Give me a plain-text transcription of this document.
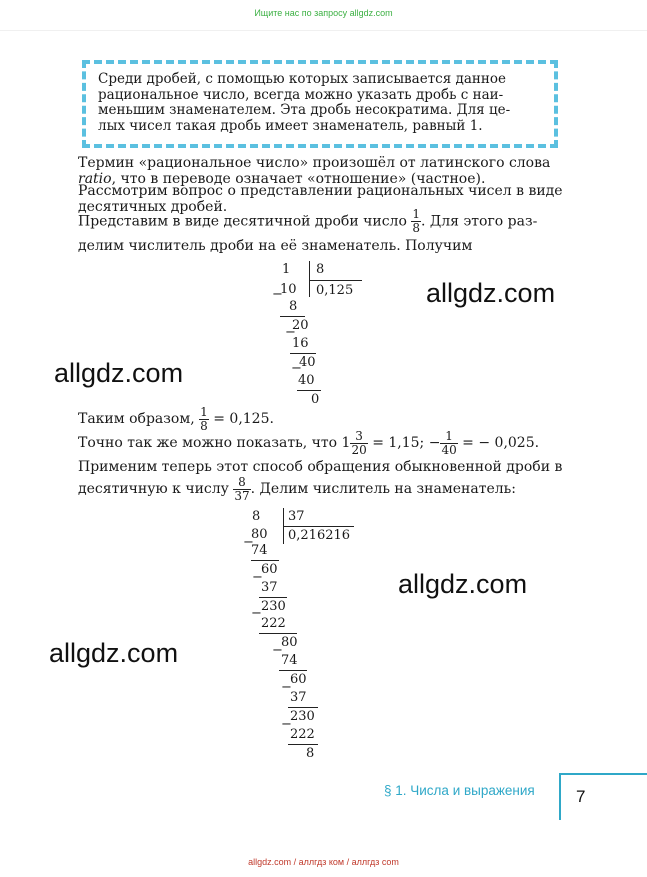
Ищите нас по запросу allgdz.com
Среди дробей, с помощью которых записывается данное
рациональное число, всегда можно указать дробь с наи-
меньшим знаменателем. Эта дробь несократима. Для це-
лых чисел такая дробь имеет знаменатель, равный 1.
Термин «рациональное число» произошёл от латинского слова
ratio, что в переводе означает «отношение» (частное).
Рассмотрим вопрос о представлении рациональных чисел в виде
десятичных дробей.
Представим в виде десятичной дроби число $\frac{1}{8}$ . Для этого раз-
делим числитель дроби на её знаменатель. Получим
1 8
0,125
−
10
8
−
20
16
−
40
40
0
Таким образом, $\frac{1}{8} = 0,125$.
Точно так же можно показать, что $1 \frac{3}{20} = 1,15$; − $\frac{1}{40}$ = − 0,025.
Применим теперь этот способ обращения обыкновенной дроби в
десятичную к числу $\frac{8}{37}$ . Делим числитель на знаменатель:
8 37
0,216216
−
80
74
−
60
37
− 230
222
−
80
74
−
60
37
−
230
222
8
allgdz.com
allgdz.com
allgdz.com
allgdz.com
§ 1. Числа и выражения 7
allgdz.com / аллгдз ком / аллгдз com
